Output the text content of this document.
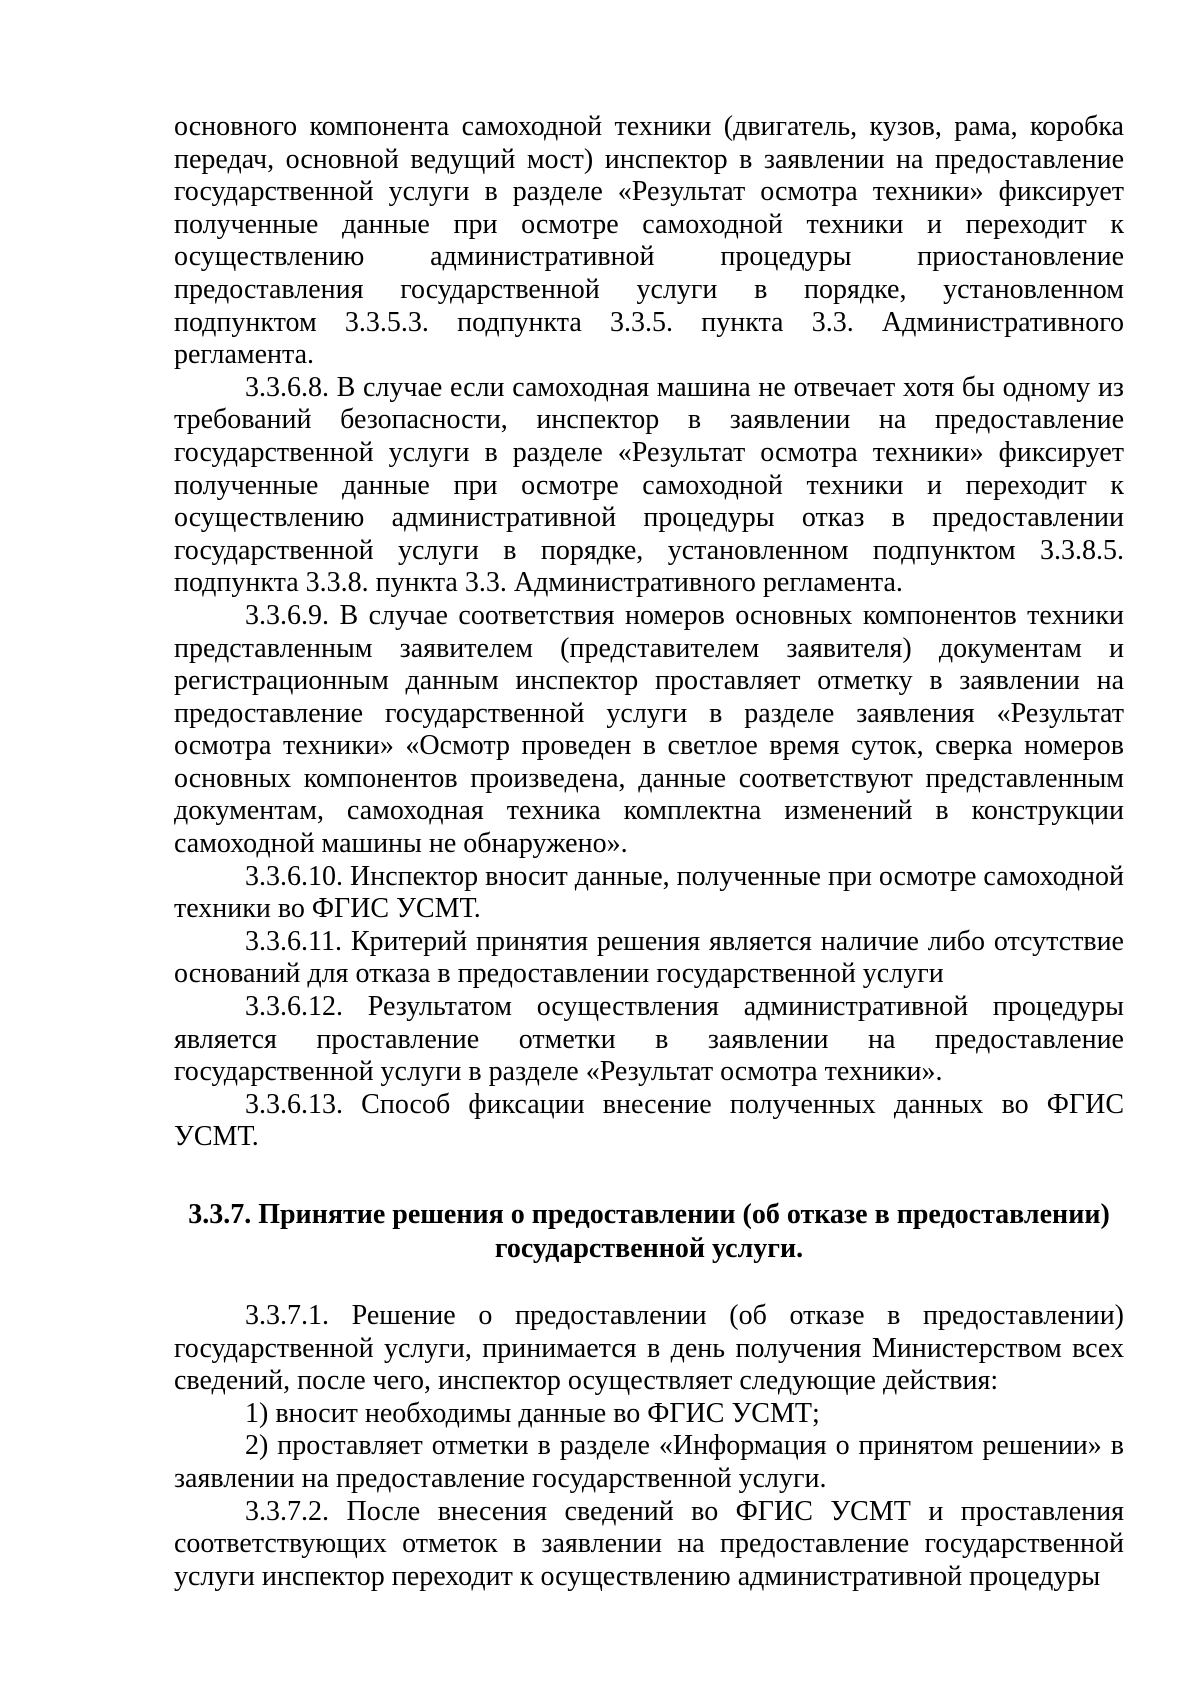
основного компонента самоходной техники (двигатель, кузов, рама, коробка передач, основной ведущий мост) инспектор в заявлении на предоставление государственной услуги в разделе «Результат осмотра техники» фиксирует полученные данные при осмотре самоходной техники и переходит к осуществлению административной процедуры приостановление предоставления государственной услуги в порядке, установленном подпунктом 3.3.5.3. подпункта 3.3.5. пункта 3.3. Административного регламента.

3.3.6.8. В случае если самоходная машина не отвечает хотя бы одному из требований безопасности, инспектор в заявлении на предоставление государственной услуги в разделе «Результат осмотра техники» фиксирует полученные данные при осмотре самоходной техники и переходит к осуществлению административной процедуры отказ в предоставлении государственной услуги в порядке, установленном подпунктом 3.3.8.5. подпункта 3.3.8. пункта 3.3. Административного регламента.

3.3.6.9. В случае соответствия номеров основных компонентов техники представленным заявителем (представителем заявителя) документам и регистрационным данным инспектор проставляет отметку в заявлении на предоставление государственной услуги в разделе заявления «Результат осмотра техники» «Осмотр проведен в светлое время суток, сверка номеров основных компонентов произведена, данные соответствуют представленным документам, самоходная техника комплектна изменений в конструкции самоходной машины не обнаружено».

3.3.6.10. Инспектор вносит данные, полученные при осмотре самоходной техники во ФГИС УСМТ.

3.3.6.11. Критерий принятия решения является наличие либо отсутствие оснований для отказа в предоставлении государственной услуги

3.3.6.12. Результатом осуществления административной процедуры является проставление отметки в заявлении на предоставление государственной услуги в разделе «Результат осмотра техники».

3.3.6.13. Способ фиксации внесение полученных данных во ФГИС УСМТ.

3.3.7. Принятие решения о предоставлении (об отказе в предоставлении)
государственной услуги.

3.3.7.1. Решение о предоставлении (об отказе в предоставлении) государственной услуги, принимается в день получения Министерством всех сведений, после чего, инспектор осуществляет следующие действия:

1) вносит необходимы данные во ФГИС УСМТ;

2) проставляет отметки в разделе «Информация о принятом решении» в заявлении на предоставление государственной услуги.

3.3.7.2. После внесения сведений во ФГИС УСМТ и проставления соответствующих отметок в заявлении на предоставление государственной услуги инспектор переходит к осуществлению административной процедуры
